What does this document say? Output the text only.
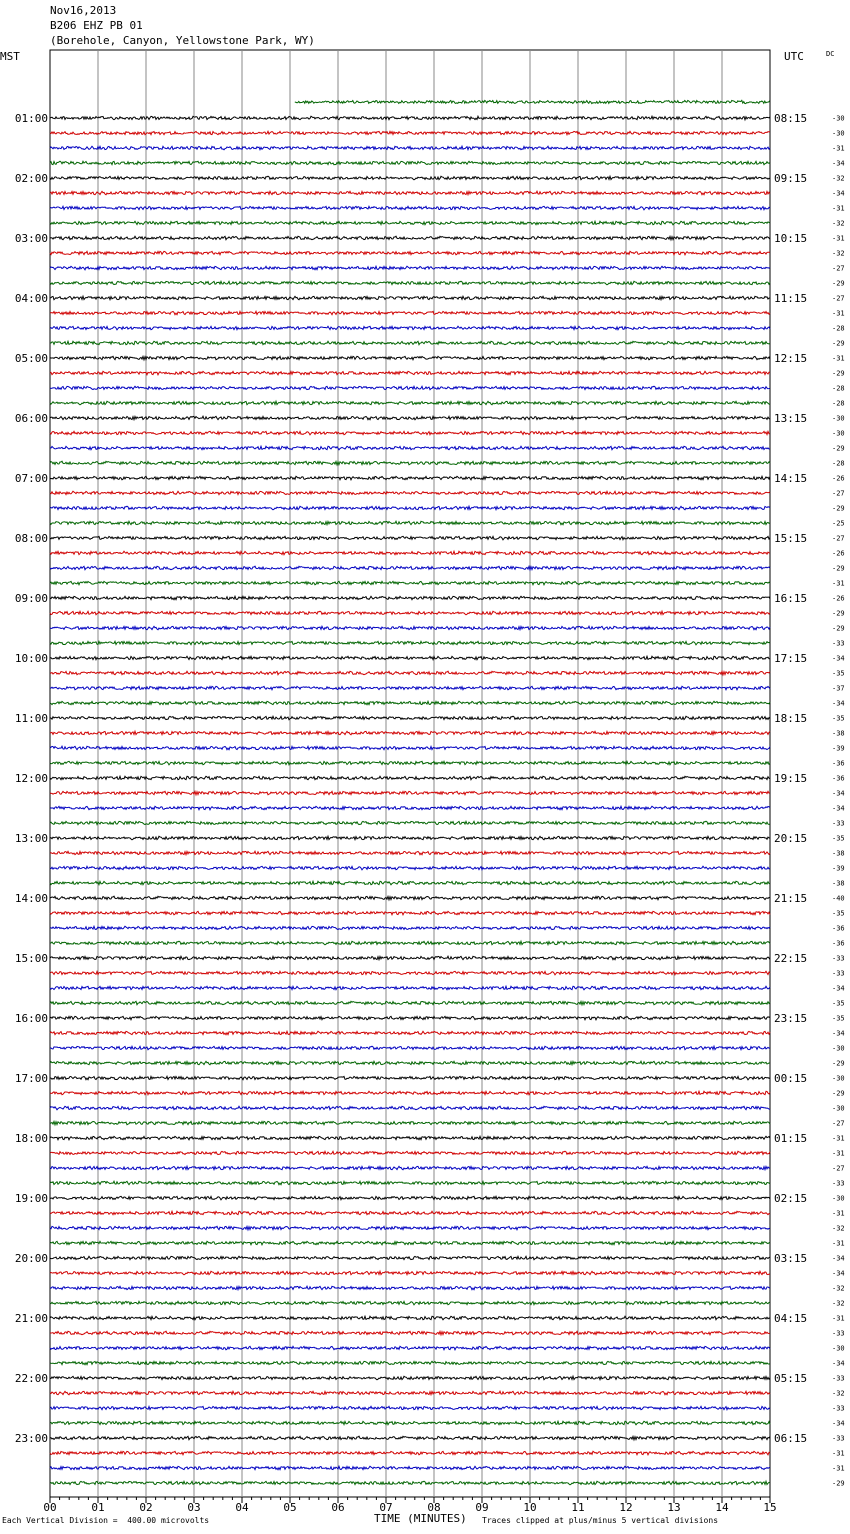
Nov16,2013
B206 EHZ PB 01
(Borehole, Canyon, Yellowstone Park, WY)
MST	UTC	DC
00	01	02	03	04	05	06	07	08	09	10	11	12	13	14	15
01:00	08:15	-30
-30
-31
-34
02:00	09:15	-32
-34
-31
-32
03:00	10:15	-31
-32
-27
-29
04:00	11:15	-27
-31
-28
-29
05:00	12:15	-31
-29
-28
-28
06:00	13:15	-30
-30
-29
-28
07:00	14:15	-26
-27
-29
-25
08:00	15:15	-27
-26
-29
-31
09:00	16:15	-26
-29
-29
-33
10:00	17:15	-34
-35
-37
-34
11:00	18:15	-35
-38
-39
-36
12:00	19:15	-36
-34
-34
-33
13:00	20:15	-35
-38
-39
-38
14:00	21:15	-40
-35
-36
-36
15:00	22:15	-33
-33
-34
-35
16:00	23:15	-35
-34
-30
-29
17:00	00:15	-30
-29
-30
-27
18:00	01:15	-31
-31
-27
-33
19:00	02:15	-30
-31
-32
-31
20:00	03:15	-34
-34
-32
-32
21:00	04:15	-31
-33
-30
-34
22:00	05:15	-33
-32
-33
-34
23:00	06:15	-33
-31
-31
-29
Each Vertical Division =  400.00 microvolts	TIME (MINUTES) Traces clipped at plus/minus 5 vertical divisions
